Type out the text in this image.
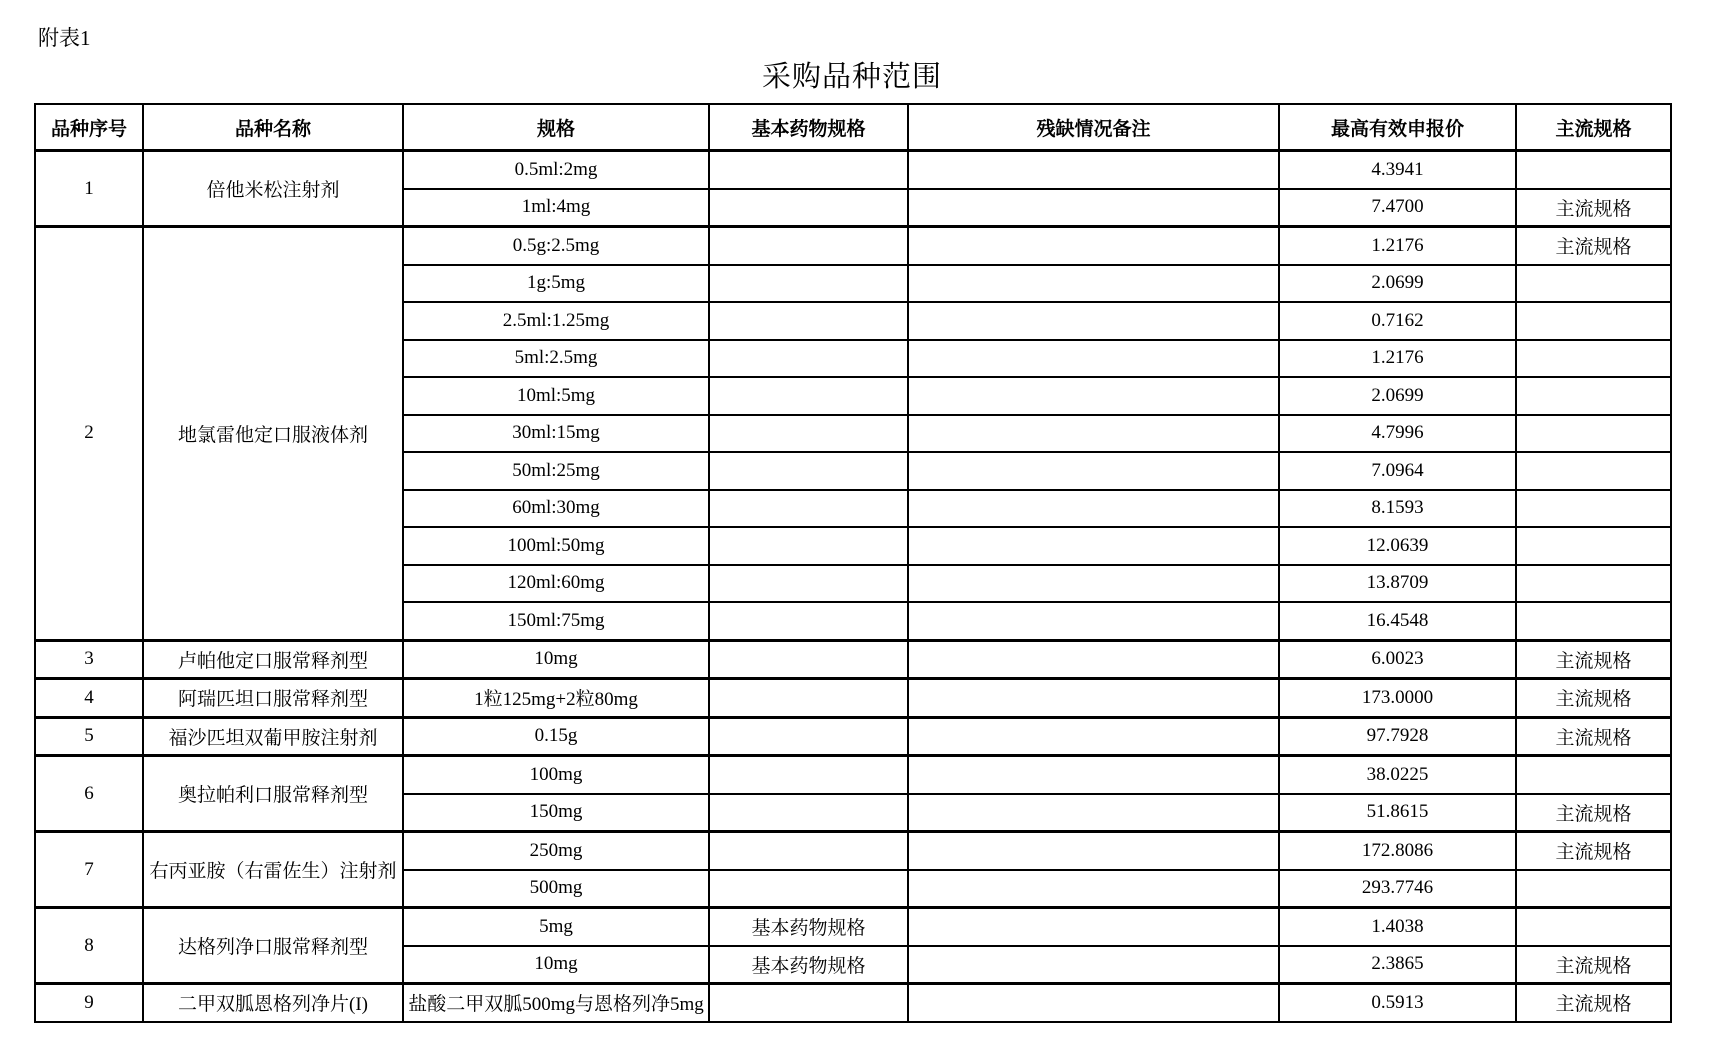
附表1
采购品种范围
品种序号	品种名称	规格	基本药物规格	残缺情况备注	最高有效申报价	主流规格
1	倍他米松注射剂	0.5ml:2mg			4.3941	
		1ml:4mg			7.4700	主流规格
2	地氯雷他定口服液体剂	0.5g:2.5mg			1.2176	主流规格
		1g:5mg			2.0699	
		2.5ml:1.25mg			0.7162	
		5ml:2.5mg			1.2176	
		10ml:5mg			2.0699	
		30ml:15mg			4.7996	
		50ml:25mg			7.0964	
		60ml:30mg			8.1593	
		100ml:50mg			12.0639	
		120ml:60mg			13.8709	
		150ml:75mg			16.4548	
3	卢帕他定口服常释剂型	10mg			6.0023	主流规格
4	阿瑞匹坦口服常释剂型	1粒125mg+2粒80mg			173.0000	主流规格
5	福沙匹坦双葡甲胺注射剂	0.15g			97.7928	主流规格
6	奥拉帕利口服常释剂型	100mg			38.0225	
		150mg			51.8615	主流规格
7	右丙亚胺（右雷佐生）注射剂	250mg			172.8086	主流规格
		500mg			293.7746	
8	达格列净口服常释剂型	5mg	基本药物规格		1.4038	
		10mg	基本药物规格		2.3865	主流规格
9	二甲双胍恩格列净片(I)	盐酸二甲双胍500mg与恩格列净5mg			0.5913	主流规格
